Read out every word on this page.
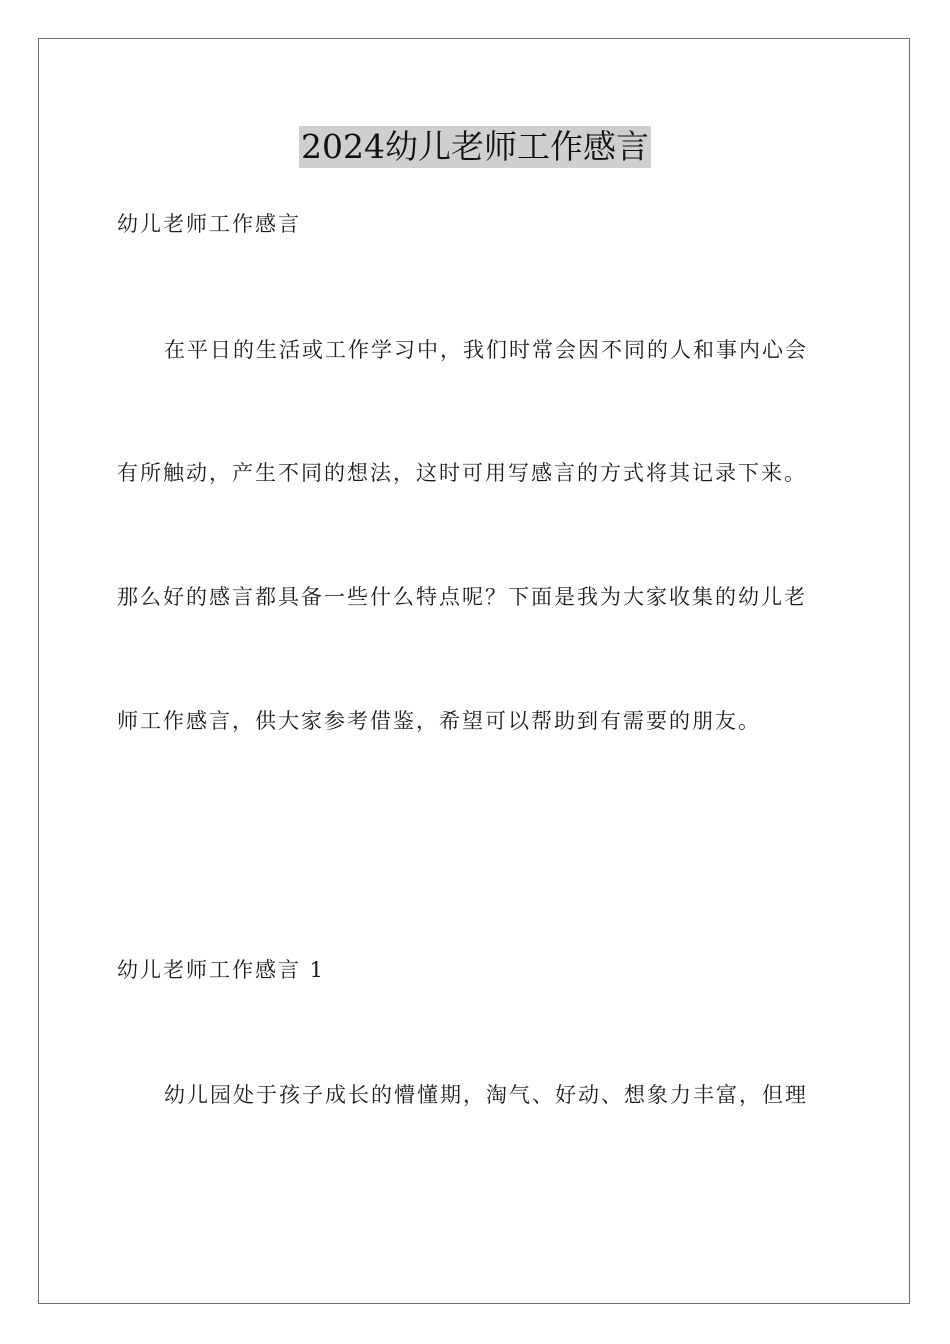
2024幼儿老师工作感言
幼儿老师工作感言
在平日的生活或工作学习中，我们时常会因不同的人和事内心会
有所触动，产生不同的想法，这时可用写感言的方式将其记录下来。
那么好的感言都具备一些什么特点呢？下面是我为大家收集的幼儿老
师工作感言，供大家参考借鉴，希望可以帮助到有需要的朋友。
幼儿老师工作感言 1
幼儿园处于孩子成长的懵懂期，淘气、好动、想象力丰富，但理
